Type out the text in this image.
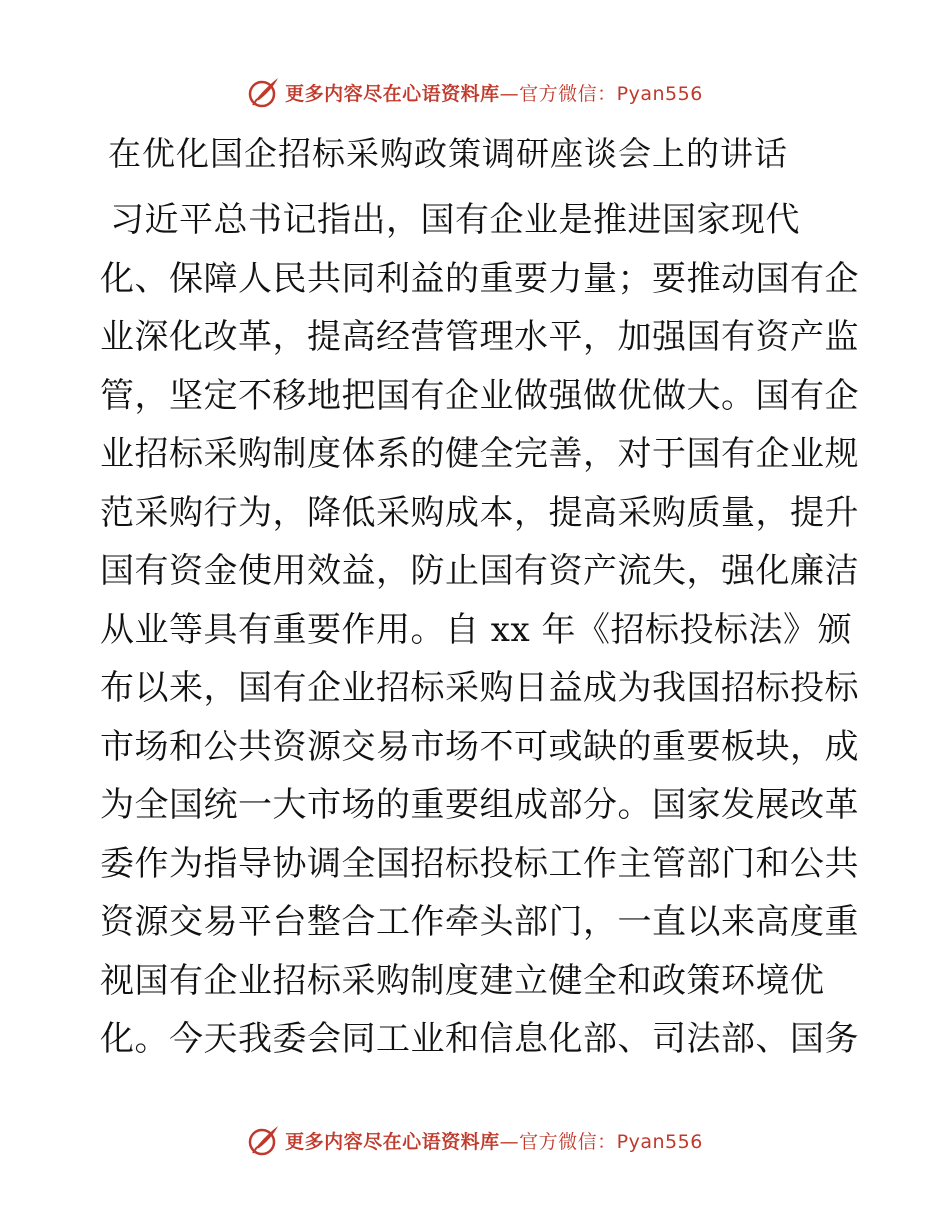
更多内容尽在心语资料库—官方微信：Pyan556
在优化国企招标采购政策调研座谈会上的讲话
习近平总书记指出，国有企业是推进国家现代
化、保障人民共同利益的重要力量；要推动国有企
业深化改革，提高经营管理水平，加强国有资产监
管，坚定不移地把国有企业做强做优做大。国有企
业招标采购制度体系的健全完善，对于国有企业规
范采购行为，降低采购成本，提高采购质量，提升
国有资金使用效益，防止国有资产流失，强化廉洁
从业等具有重要作用。自 xx 年《招标投标法》颁
布以来，国有企业招标采购日益成为我国招标投标
市场和公共资源交易市场不可或缺的重要板块，成
为全国统一大市场的重要组成部分。国家发展改革
委作为指导协调全国招标投标工作主管部门和公共
资源交易平台整合工作牵头部门，一直以来高度重
视国有企业招标采购制度建立健全和政策环境优
化。今天我委会同工业和信息化部、司法部、国务
更多内容尽在心语资料库—官方微信：Pyan556
